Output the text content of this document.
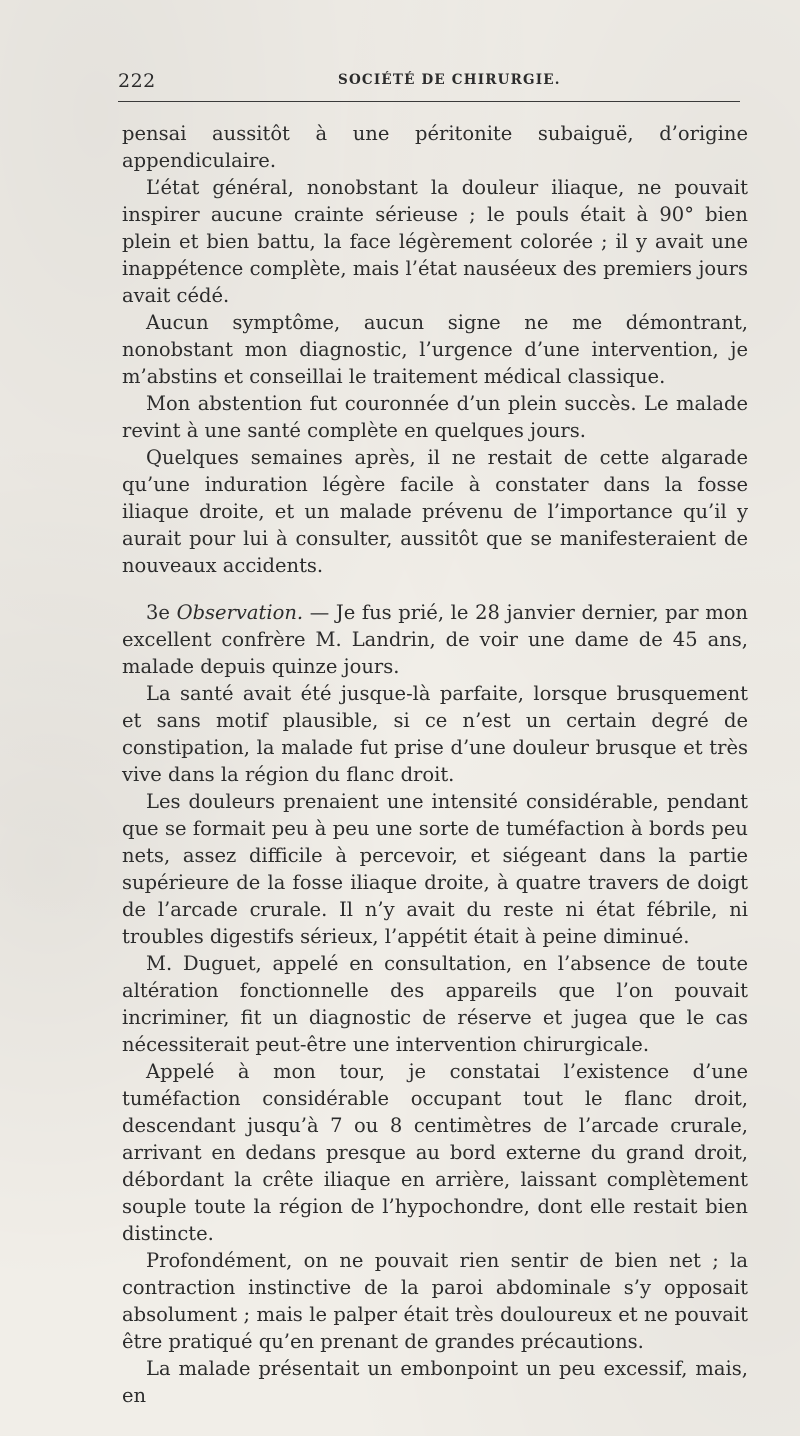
222	SOCIÉTÉ DE CHIRURGIE.

pensai aussitôt à une péritonite subaiguë, d’origine appendiculaire.

L’état général, nonobstant la douleur iliaque, ne pouvait inspirer aucune crainte sérieuse ; le pouls était à 90° bien plein et bien battu, la face légèrement colorée ; il y avait une inappétence complète, mais l’état nauséeux des premiers jours avait cédé.

Aucun symptôme, aucun signe ne me démontrant, nonobstant mon diagnostic, l’urgence d’une intervention, je m’abstins et conseillai le traitement médical classique.

Mon abstention fut couronnée d’un plein succès. Le malade revint à une santé complète en quelques jours.

Quelques semaines après, il ne restait de cette algarade qu’une induration légère facile à constater dans la fosse iliaque droite, et un malade prévenu de l’importance qu’il y aurait pour lui à consulter, aussitôt que se manifesteraient de nouveaux accidents.

3e Observation. — Je fus prié, le 28 janvier dernier, par mon excellent confrère M. Landrin, de voir une dame de 45 ans, malade depuis quinze jours.

La santé avait été jusque-là parfaite, lorsque brusquement et sans motif plausible, si ce n’est un certain degré de constipation, la malade fut prise d’une douleur brusque et très vive dans la région du flanc droit.

Les douleurs prenaient une intensité considérable, pendant que se formait peu à peu une sorte de tuméfaction à bords peu nets, assez difficile à percevoir, et siégeant dans la partie supérieure de la fosse iliaque droite, à quatre travers de doigt de l’arcade crurale. Il n’y avait du reste ni état fébrile, ni troubles digestifs sérieux, l’appétit était à peine diminué.

M. Duguet, appelé en consultation, en l’absence de toute altération fonctionnelle des appareils que l’on pouvait incriminer, fit un diagnostic de réserve et jugea que le cas nécessiterait peut-être une intervention chirurgicale.

Appelé à mon tour, je constatai l’existence d’une tuméfaction considérable occupant tout le flanc droit, descendant jusqu’à 7 ou 8 centimètres de l’arcade crurale, arrivant en dedans presque au bord externe du grand droit, débordant la crête iliaque en arrière, laissant complètement souple toute la région de l’hypochondre, dont elle restait bien distincte.

Profondément, on ne pouvait rien sentir de bien net ; la contraction instinctive de la paroi abdominale s’y opposait absolument ; mais le palper était très douloureux et ne pouvait être pratiqué qu’en prenant de grandes précautions.

La malade présentait un embonpoint un peu excessif, mais, en
